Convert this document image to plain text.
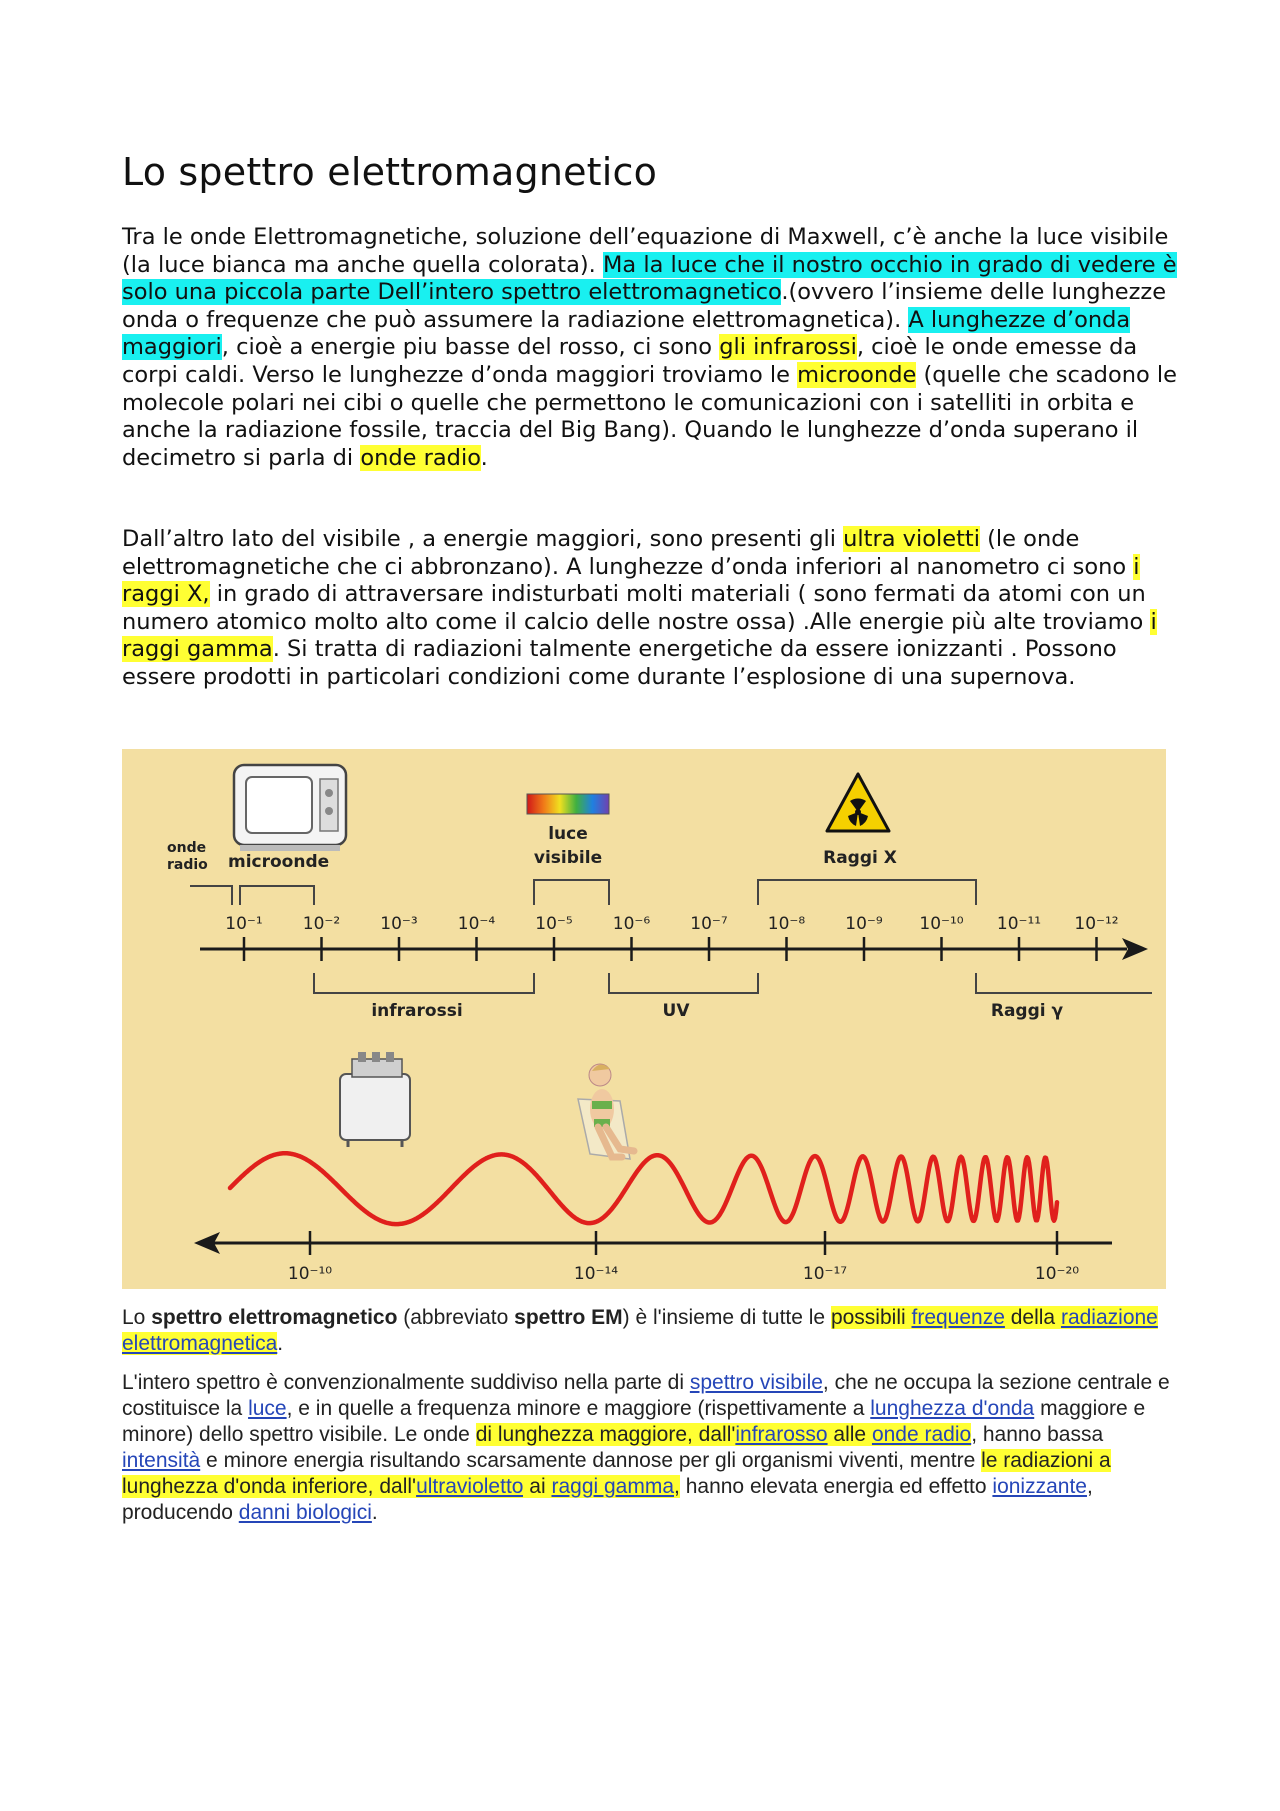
Lo spettro elettromagnetico

Tra le onde Elettromagnetiche, soluzione dell’equazione di Maxwell, c’è anche la luce visibile (la luce bianca ma anche quella colorata). Ma la luce che il nostro occhio in grado di vedere è solo una piccola parte Dell’intero spettro elettromagnetico.(ovvero l’insieme delle lunghezze onda o frequenze che può assumere la radiazione elettromagnetica). A lunghezze d’onda maggiori, cioè a energie piu basse del rosso, ci sono gli infrarossi, cioè le onde emesse da corpi caldi. Verso le lunghezze d’onda maggiori troviamo le microonde (quelle che scadono le molecole polari nei cibi o quelle che permettono le comunicazioni con i satelliti in orbita e anche la radiazione fossile, traccia del Big Bang). Quando le lunghezze d’onda superano il decimetro si parla di onde radio.

Dall’altro lato del visibile , a energie maggiori, sono presenti gli ultra violetti (le onde elettromagnetiche che ci abbronzano). A lunghezze d’onda inferiori al nanometro ci sono i raggi X, in grado di attraversare indisturbati molti materiali ( sono fermati da atomi con un numero atomico molto alto come il calcio delle nostre ossa) .Alle energie più alte troviamo i raggi gamma. Si tratta di radiazioni talmente energetiche da essere ionizzanti . Possono essere prodotti in particolari condizioni come durante l’esplosione di una supernova.

onde
radio microonde
luce
visibile	Raggi X
infrarossi	UV	Raggi γ
10⁻¹ 10⁻² 10⁻³ 10⁻⁴ 10⁻⁵ 10⁻⁶ 10⁻⁷ 10⁻⁸ 10⁻⁹ 10⁻¹⁰ 10⁻¹¹ 10⁻¹²
10⁻¹⁰	10⁻¹⁴	10⁻¹⁷	10⁻²⁰

Lo spettro elettromagnetico (abbreviato spettro EM) è l'insieme di tutte le possibili frequenze della radiazione elettromagnetica.

L'intero spettro è convenzionalmente suddiviso nella parte di spettro visibile, che ne occupa la sezione centrale e costituisce la luce, e in quelle a frequenza minore e maggiore (rispettivamente a lunghezza d'onda maggiore e minore) dello spettro visibile. Le onde di lunghezza maggiore, dall'infrarosso alle onde radio, hanno bassa intensità e minore energia risultando scarsamente dannose per gli organismi viventi, mentre le radiazioni a lunghezza d'onda inferiore, dall'ultravioletto ai raggi gamma, hanno elevata energia ed effetto ionizzante, producendo danni biologici.
